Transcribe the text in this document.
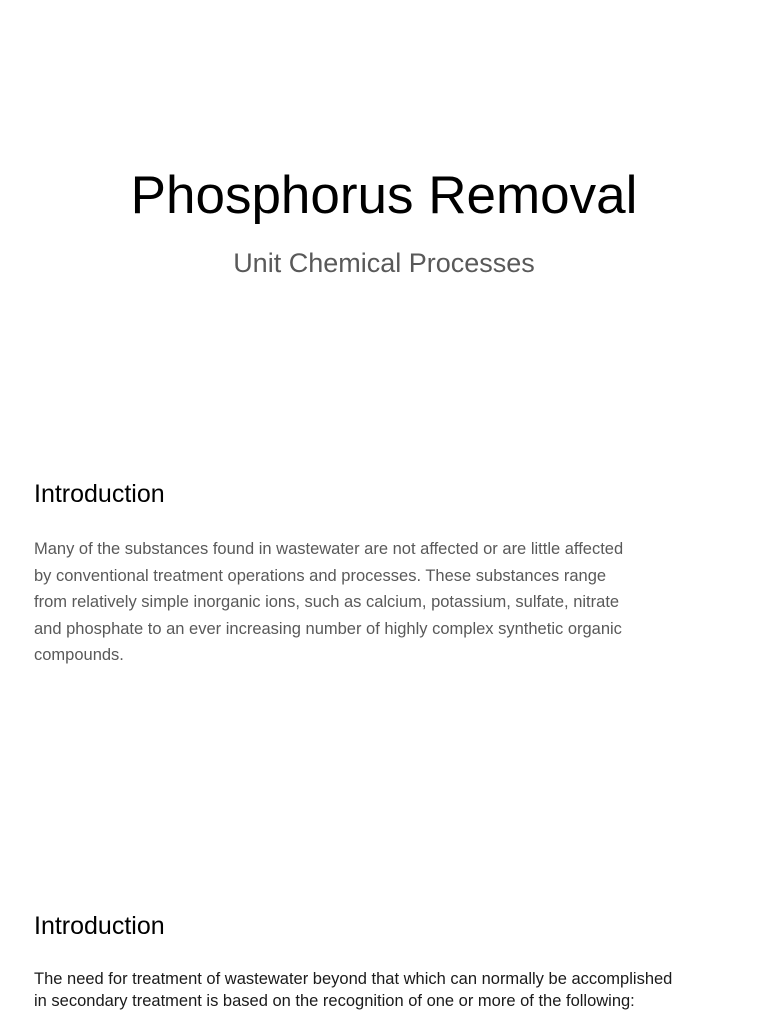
Phosphorus Removal

Unit Chemical Processes

Introduction

Many of the substances found in wastewater are not affected or are little affected
by conventional treatment operations and processes. These substances range
from relatively simple inorganic ions, such as calcium, potassium, sulfate, nitrate
and phosphate to an ever increasing number of highly complex synthetic organic
compounds.

Introduction

The need for treatment of wastewater beyond that which can normally be accomplished
in secondary treatment is based on the recognition of one or more of the following:
